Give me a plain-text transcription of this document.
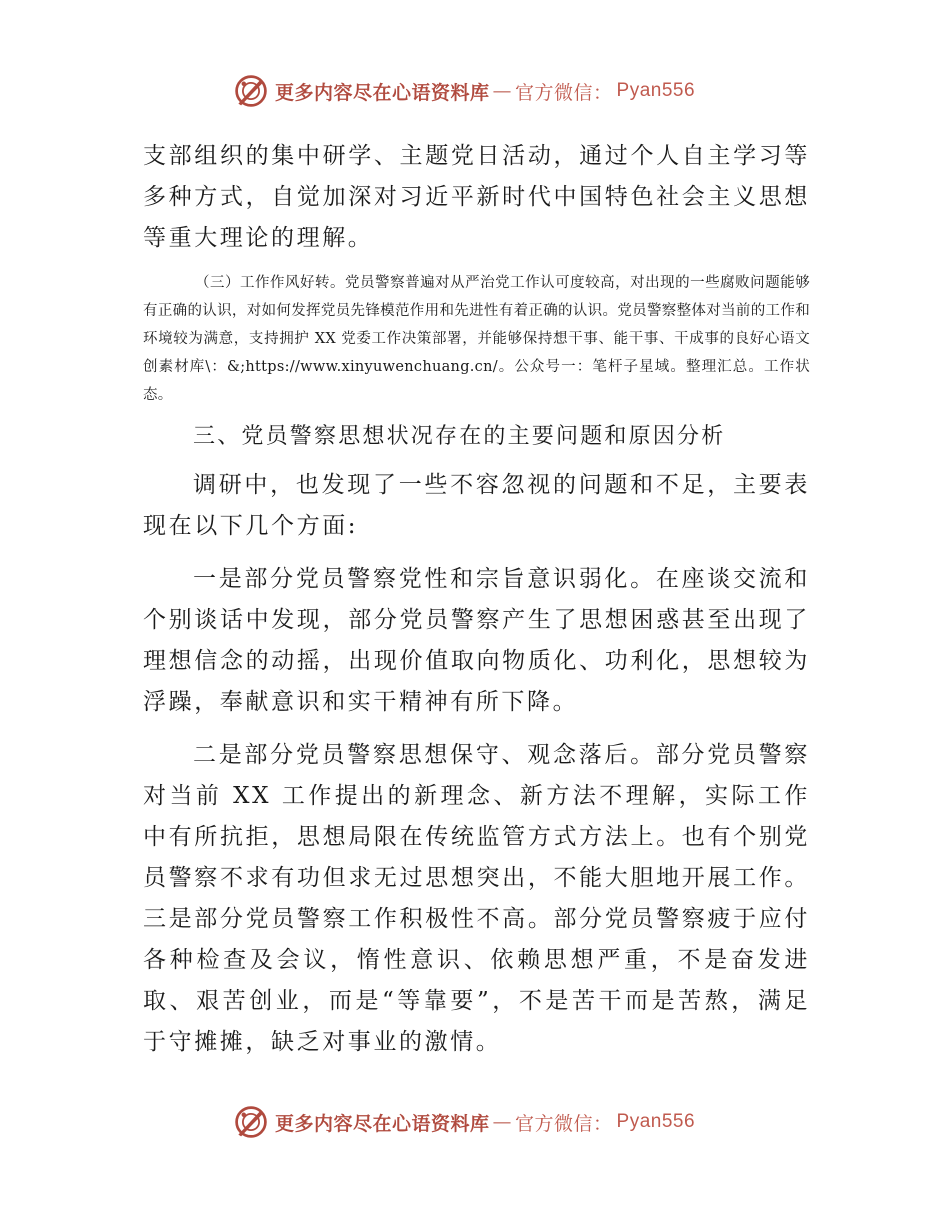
更多内容尽在心语资料库 — 官方微信： Pyan556

支部组织的集中研学、主题党日活动，通过个人自主学习等多种方式，自觉加深对习近平新时代中国特色社会主义思想等重大理论的理解。

（三）工作作风好转。党员警察普遍对从严治党工作认可度较高，对出现的一些腐败问题能够有正确的认识，对如何发挥党员先锋模范作用和先进性有着正确的认识。党员警察整体对当前的工作和环境较为满意，支持拥护 XX 党委工作决策部署，并能够保持想干事、能干事、干成事的良好心语文创素材库\：&;https://www.xinyuwenchuang.cn/。公众号一：笔杆子星域。整理汇总。工作状态。

三、党员警察思想状况存在的主要问题和原因分析

调研中，也发现了一些不容忽视的问题和不足，主要表现在以下几个方面:

一是部分党员警察党性和宗旨意识弱化。在座谈交流和个别谈话中发现，部分党员警察产生了思想困惑甚至出现了理想信念的动摇，出现价值取向物质化、功利化，思想较为浮躁，奉献意识和实干精神有所下降。

二是部分党员警察思想保守、观念落后。部分党员警察对当前 XX 工作提出的新理念、新方法不理解，实际工作中有所抗拒，思想局限在传统监管方式方法上。也有个别党员警察不求有功但求无过思想突出，不能大胆地开展工作。三是部分党员警察工作积极性不高。部分党员警察疲于应付各种检查及会议，惰性意识、依赖思想严重，不是奋发进取、艰苦创业，而是“等靠要”，不是苦干而是苦熬，满足于守摊摊，缺乏对事业的激情。

更多内容尽在心语资料库 — 官方微信： Pyan556
